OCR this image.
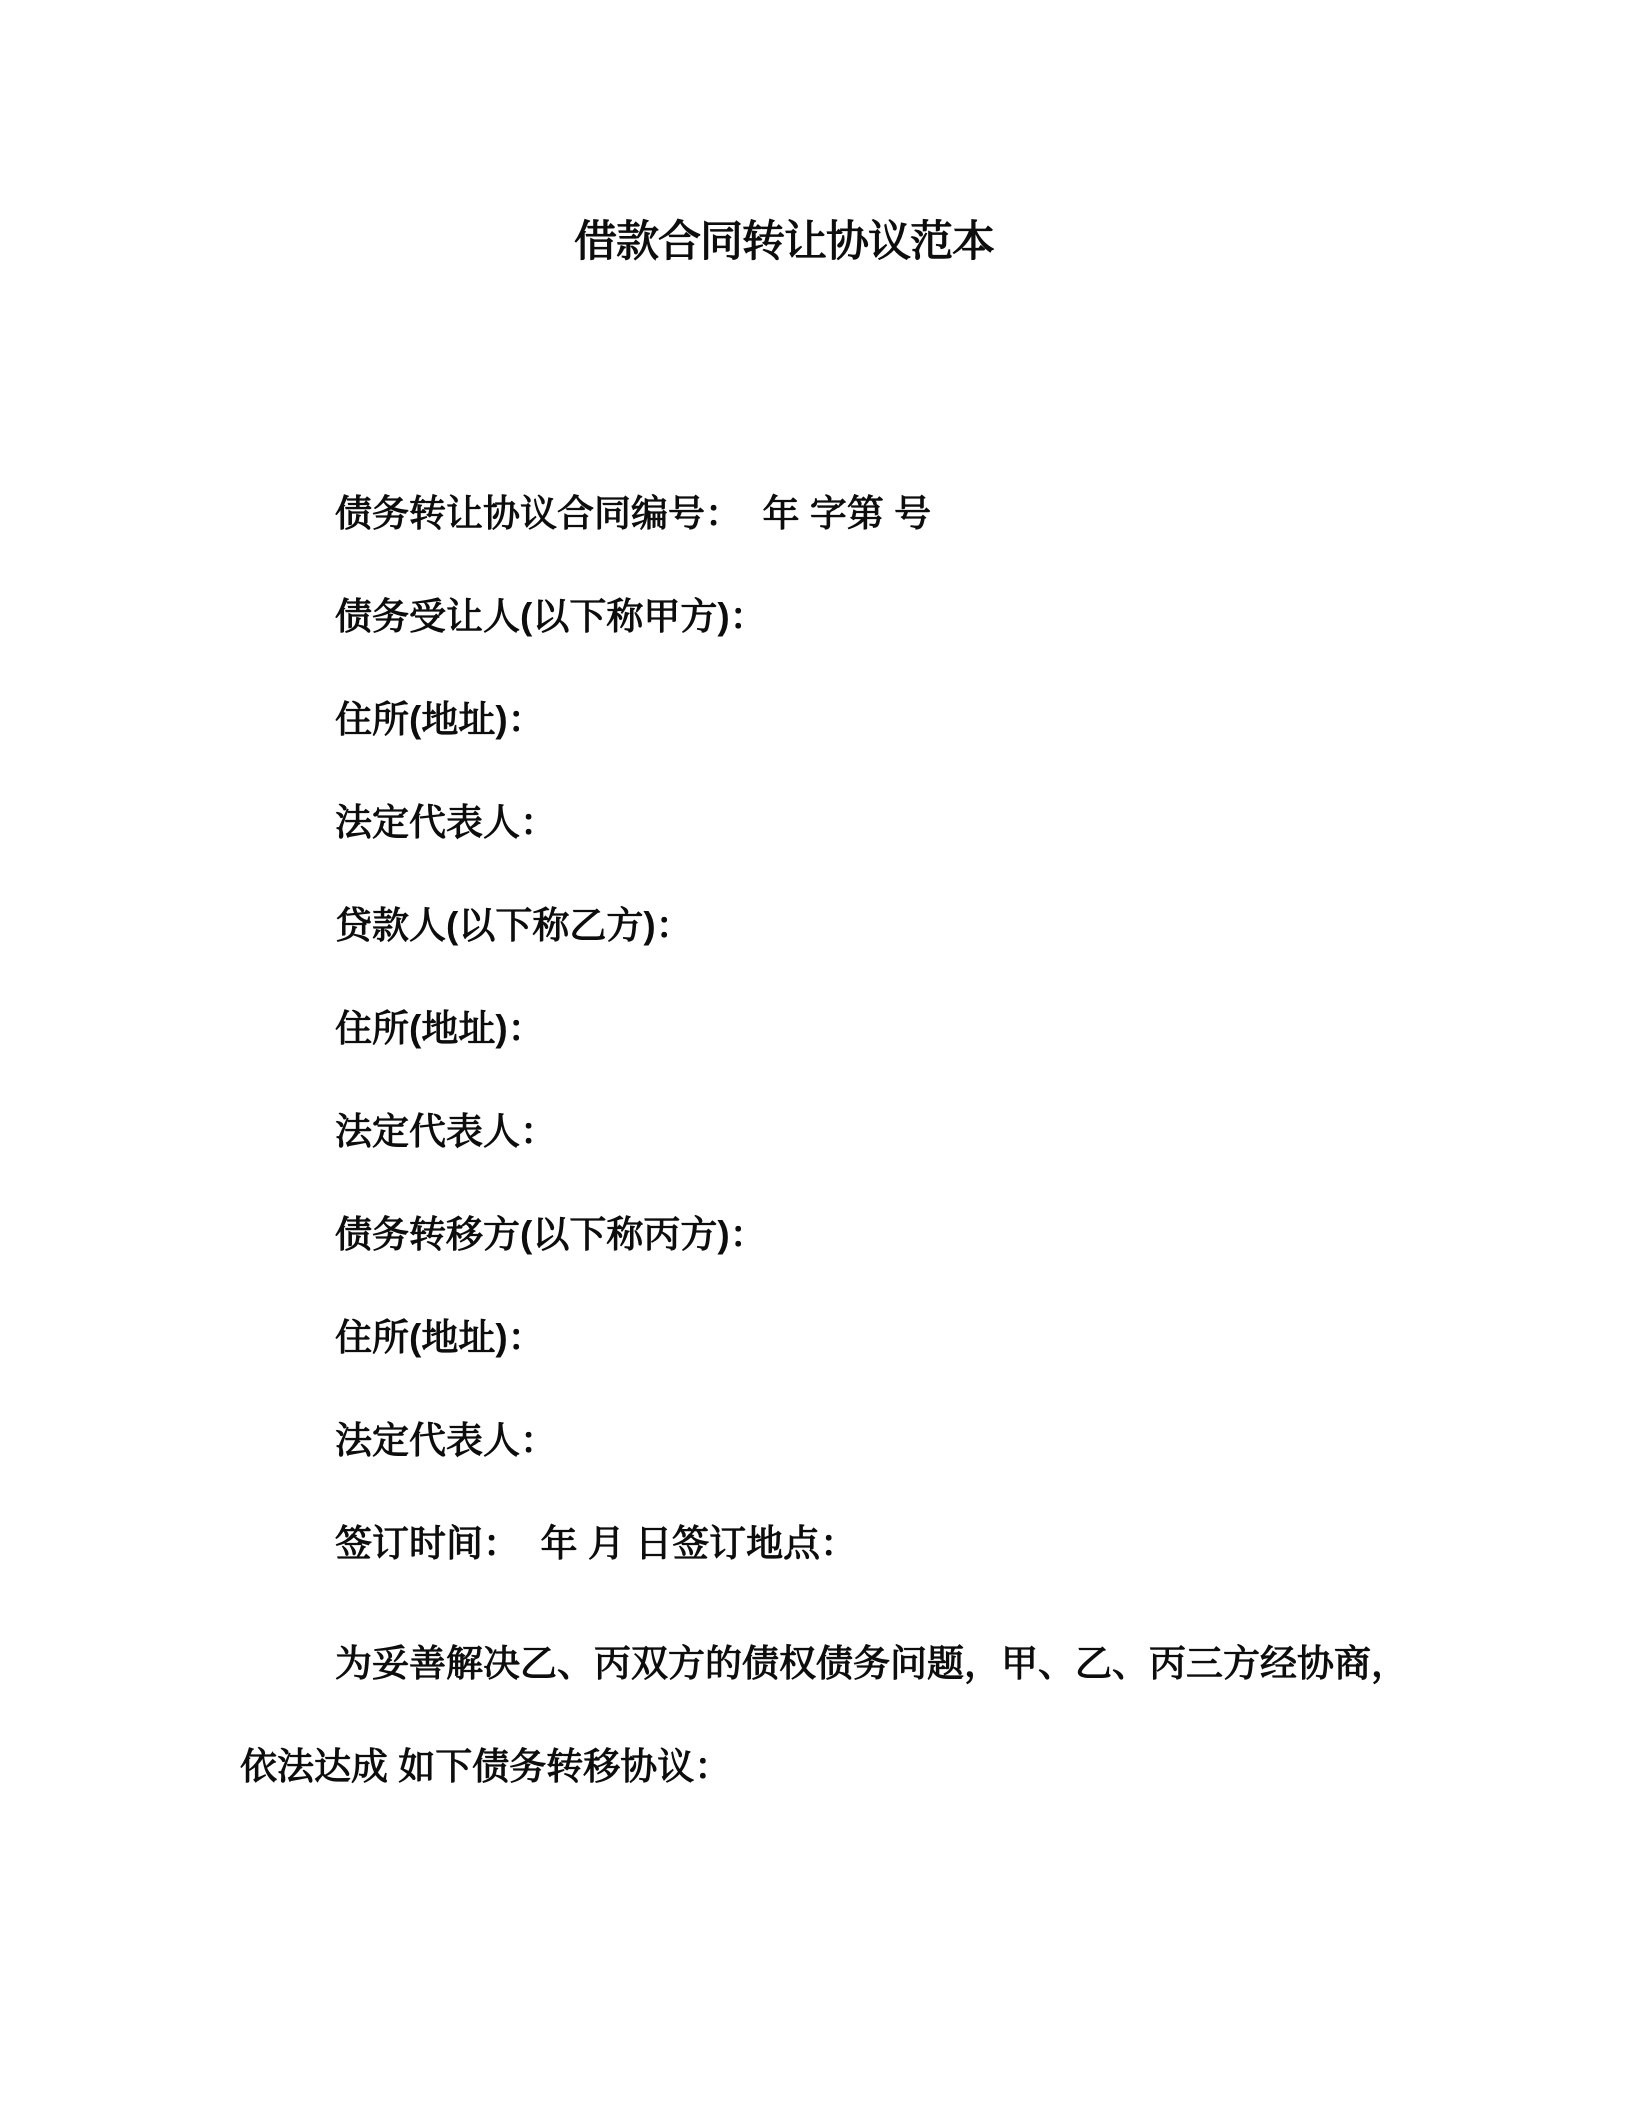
借款合同转让协议范本
债务转让协议合同编号：  年 字第 号
债务受让人(以下称甲方)：
住所(地址)：
法定代表人：
贷款人(以下称乙方)：
住所(地址)：
法定代表人：
债务转移方(以下称丙方)：
住所(地址)：
法定代表人：
签订时间：  年 月 日签订地点：
为妥善解决乙、丙双方的债权债务问题，甲、乙、丙三方经协商，
依法达成 如下债务转移协议：
